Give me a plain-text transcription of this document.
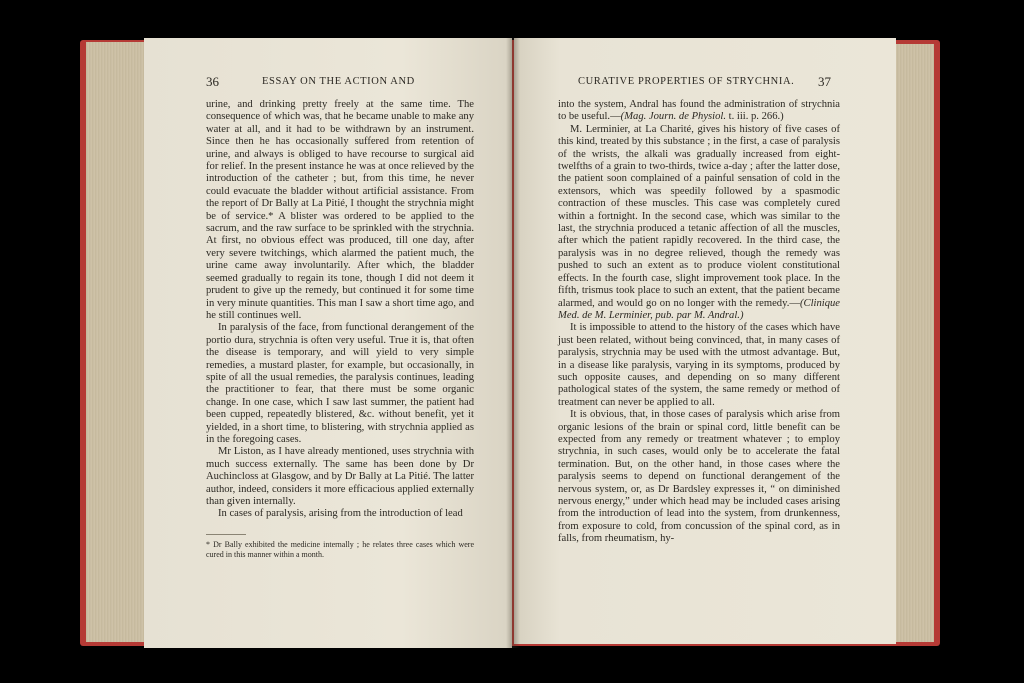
36	ESSAY ON THE ACTION AND

urine, and drinking pretty freely at the same time. The consequence of which was, that he became unable to make any water at all, and it had to be withdrawn by an instrument. Since then he has occasionally suffered from retention of urine, and always is obliged to have recourse to surgical aid for relief. In the present instance he was at once relieved by the introduction of the catheter ; but, from this time, he never could evacuate the bladder without artificial assistance. From the report of Dr Bally at La Pitié, I thought the strychnia might be of service.* A blister was ordered to be applied to the sacrum, and the raw surface to be sprinkled with the strychnia. At first, no obvious effect was produced, till one day, after very severe twitchings, which alarmed the patient much, the urine came away involuntarily. After which, the bladder seemed gradually to regain its tone, though I did not deem it prudent to give up the remedy, but continued it for some time in very minute quantities. This man I saw a short time ago, and he still continues well.

In paralysis of the face, from functional derangement of the portio dura, strychnia is often very useful. True it is, that often the disease is temporary, and will yield to very simple remedies, a mustard plaster, for example, but occasionally, in spite of all the usual remedies, the paralysis continues, leading the practitioner to fear, that there must be some organic change. In one case, which I saw last summer, the patient had been cupped, repeatedly blistered, &c. without benefit, yet it yielded, in a short time, to blistering, with strychnia applied as in the foregoing cases.

Mr Liston, as I have already mentioned, uses strychnia with much success externally. The same has been done by Dr Auchincloss at Glasgow, and by Dr Bally at La Pitié. The latter author, indeed, considers it more efficacious applied externally than given internally.

In cases of paralysis, arising from the introduction of lead

* Dr Bally exhibited the medicine internally ; he relates three cases which were cured in this manner within a month.
CURATIVE PROPERTIES OF STRYCHNIA. 37

into the system, Andral has found the administration of strychnia to be useful.—(Mag. Journ. de Physiol. t. iii. p. 266.)

M. Lerminier, at La Charité, gives his history of five cases of this kind, treated by this substance ; in the first, a case of paralysis of the wrists, the alkali was gradually increased from eight-twelfths of a grain to two-thirds, twice a-day ; after the latter dose, the patient soon complained of a painful sensation of cold in the extensors, which was speedily followed by a spasmodic contraction of these muscles. This case was completely cured within a fortnight. In the second case, which was similar to the last, the strychnia produced a tetanic affection of all the muscles, after which the patient rapidly recovered. In the third case, the paralysis was in no degree relieved, though the remedy was pushed to such an extent as to produce violent constitutional effects. In the fourth case, slight improvement took place. In the fifth, trismus took place to such an extent, that the patient became alarmed, and would go on no longer with the remedy.—(Clinique Med. de M. Lerminier, pub. par M. Andral.)

It is impossible to attend to the history of the cases which have just been related, without being convinced, that, in many cases of paralysis, strychnia may be used with the utmost advantage. But, in a disease like paralysis, varying in its symptoms, produced by such opposite causes, and depending on so many different pathological states of the system, the same remedy or method of treatment can never be applied to all.

It is obvious, that, in those cases of paralysis which arise from organic lesions of the brain or spinal cord, little benefit can be expected from any remedy or treatment whatever ; to employ strychnia, in such cases, would only be to accelerate the fatal termination. But, on the other hand, in those cases where the paralysis seems to depend on functional derangement of the nervous system, or, as Dr Bardsley expresses it, “ on diminished nervous energy,” under which head may be included cases arising from the introduction of lead into the system, from drunkenness, from exposure to cold, from concussion of the spinal cord, as in falls, from rheumatism, hy-
